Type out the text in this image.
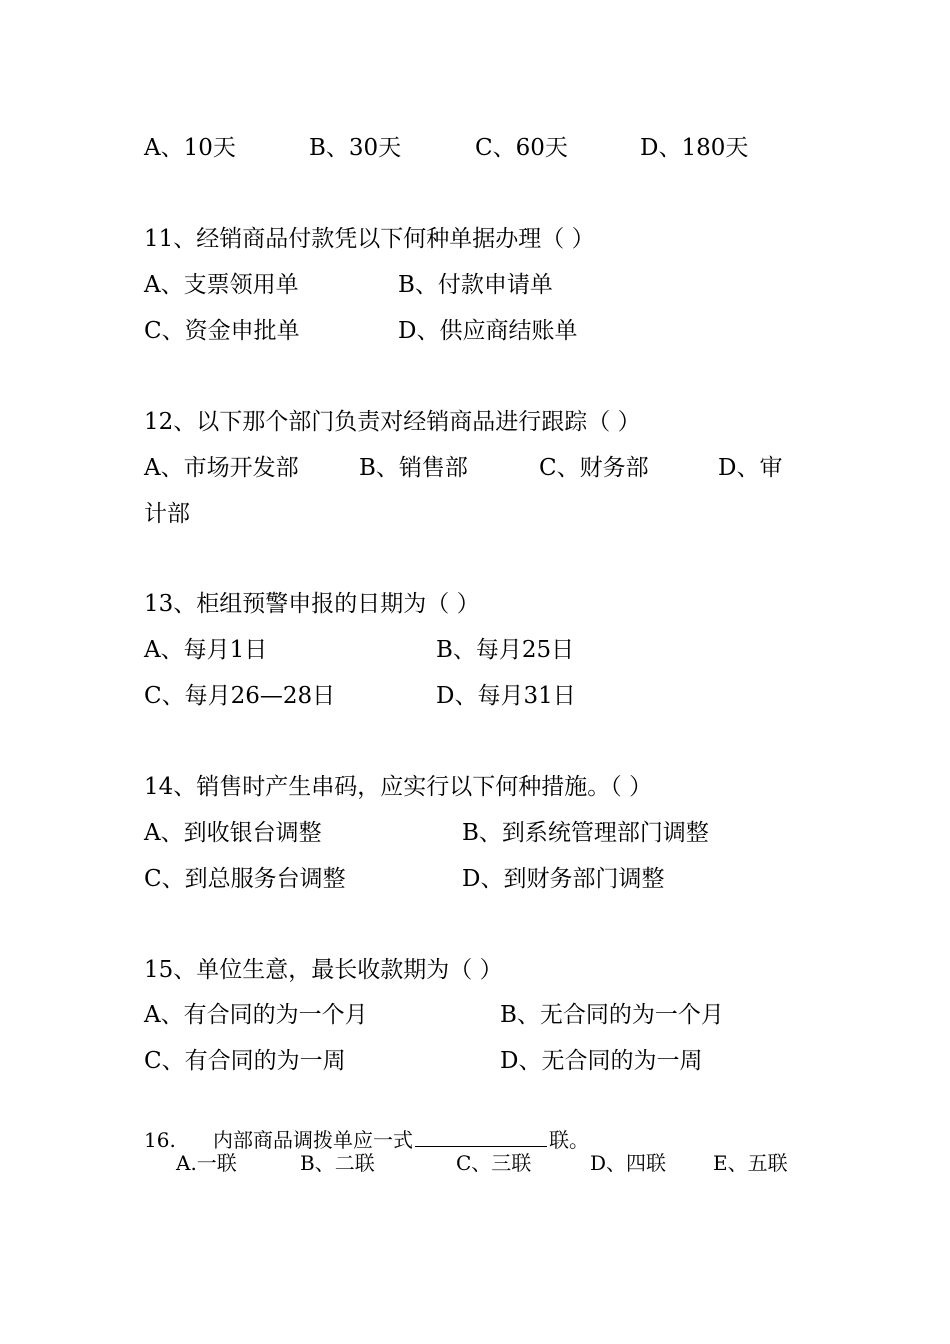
A、10天	B、30天	C、60天	D、180天
11、经销商品付款凭以下何种单据办理（ ）
A、支票领用单	B、付款申请单
C、资金申批单	D、供应商结账单
12、以下那个部门负责对经销商品进行跟踪（ ）
A、市场开发部	B、销售部	C、财务部	D、审
计部
13、柜组预警申报的日期为（ ）
A、每月1日	B、每月25日
C、每月26—28日	D、每月31日
14、销售时产生串码，应实行以下何种措施。（ ）
A、到收银台调整	B、到系统管理部门调整
C、到总服务台调整	D、到财务部门调整
15、单位生意，最长收款期为（ ）
A、有合同的为一个月	B、无合同的为一个月
C、有合同的为一周	D、无合同的为一周
16. 内部商品调拨单应一式	联。
A.一联	B、二联	C、三联	D、四联 E、五联
